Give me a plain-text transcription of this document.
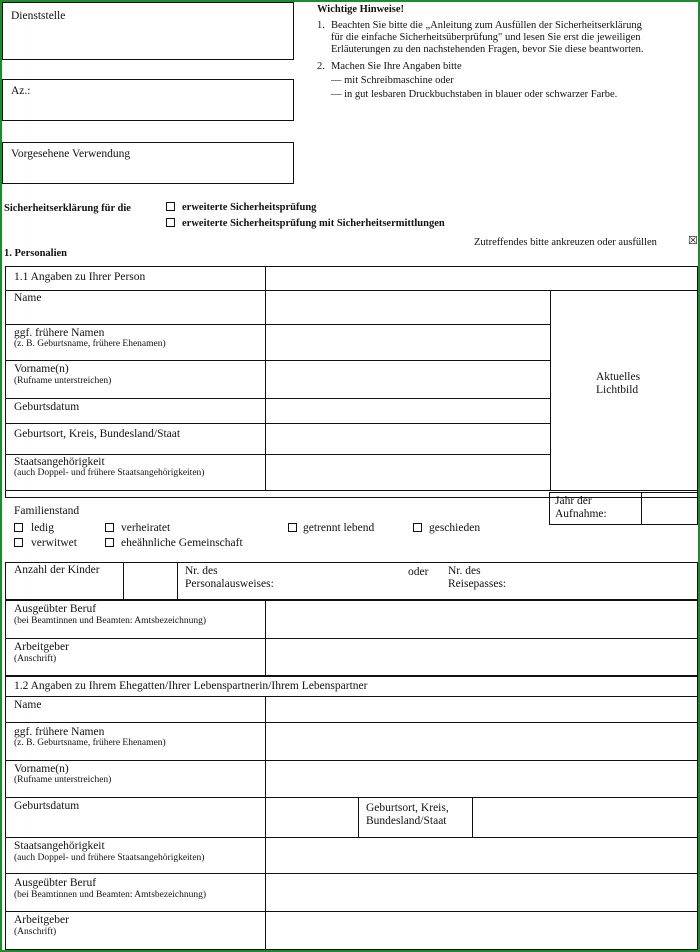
Dienststelle
Az.:
Vorgesehene Verwendung
Wichtige Hinweise!
1. Beachten Sie bitte die „Anleitung zum Ausfüllen der Sicherheitserklärung
für die einfache Sicherheitsüberprüfung" und lesen Sie erst die jeweiligen
Erläuterungen zu den nachstehenden Fragen, bevor Sie diese beantworten.
2. Machen Sie Ihre Angaben bitte
— mit Schreibmaschine oder
— in gut lesbaren Druckbuchstaben in blauer oder schwarzer Farbe.
Sicherheitserklärung für die	erweiterte Sicherheitsprüfung
erweiterte Sicherheitsprüfung mit Sicherheitsermittlungen
Zutreffendes bitte ankreuzen oder ausfüllen	☒
1. Personalien
1.1 Angaben zu Ihrer Person
Name
ggf. frühere Namen
(z. B. Geburtsname, frühere Ehenamen)
Vorname(n)
(Rufname unterstreichen)
Geburtsdatum
Geburtsort, Kreis, Bundesland/Staat
Staatsangehörigkeit
(auch Doppel- und frühere Staatsangehörigkeiten)
Aktuelles
Lichtbild
Familienstand
ledig	verheiratet	getrennt lebend	geschieden
verwitwet	eheähnliche Gemeinschaft
Jahr der
Aufnahme:
Anzahl der Kinder	Nr. des
Personalausweises:
oder Nr. des
Reisepasses:
Ausgeübter Beruf
(bei Beamtinnen und Beamten: Amtsbezeichnung)
Arbeitgeber
(Anschrift)
1.2 Angaben zu Ihrem Ehegatten/Ihrer Lebenspartnerin/Ihrem Lebenspartner
Name
ggf. frühere Namen
(z. B. Geburtsname, frühere Ehenamen)
Vorname(n)
(Rufname unterstreichen)
Geburtsdatum	Geburtsort, Kreis,
Bundesland/Staat
Staatsangehörigkeit
(auch Doppel- und frühere Staatsangehörigkeiten)
Ausgeübter Beruf
(bei Beamtinnen und Beamten: Amtsbezeichnung)
Arbeitgeber
(Anschrift)
